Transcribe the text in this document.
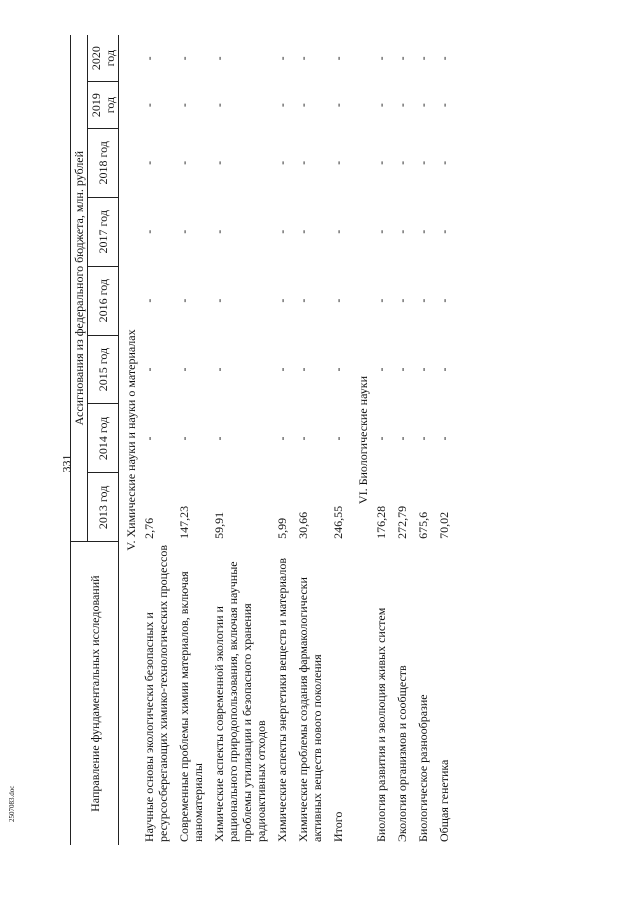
331
Направление фундаментальных исследований	Ассигнования из федерального бюджета, млн. рублей							
	2013 год	2014 год	2015 год	2016 год	2017 год	2018 год	2019 год	2020 год
V. Химические науки и науки о материалах								
Научные основы экологически безопасных и ресурсосберегающих химико-технологических процессов	2,76	-	-	-	-	-	-	-
Современные проблемы химии материалов, включая наноматериалы	147,23	-	-	-	-	-	-	-
Химические аспекты современной экологии и рационального природопользования, включая научные проблемы утилизации и безопасного хранения радиоактивных отходов	59,91	-	-	-	-	-	-	-
Химические аспекты энергетики веществ и материалов	5,99	-	-	-	-	-	-	-
Химические проблемы создания фармакологически активных веществ нового поколения	30,66	-	-	-	-	-	-	-
Итого	246,55	-	-	-	-	-	-	-
VI. Биологические науки								
Биология развития и эволюция живых систем	176,28	-	-	-	-	-	-	-
Экология организмов и сообществ	272,79	-	-	-	-	-	-	-
Биологическое разнообразие	675,6	-	-	-	-	-	-	-
Общая генетика	70,02	-	-	-	-	-	-	-
2507083.doc
